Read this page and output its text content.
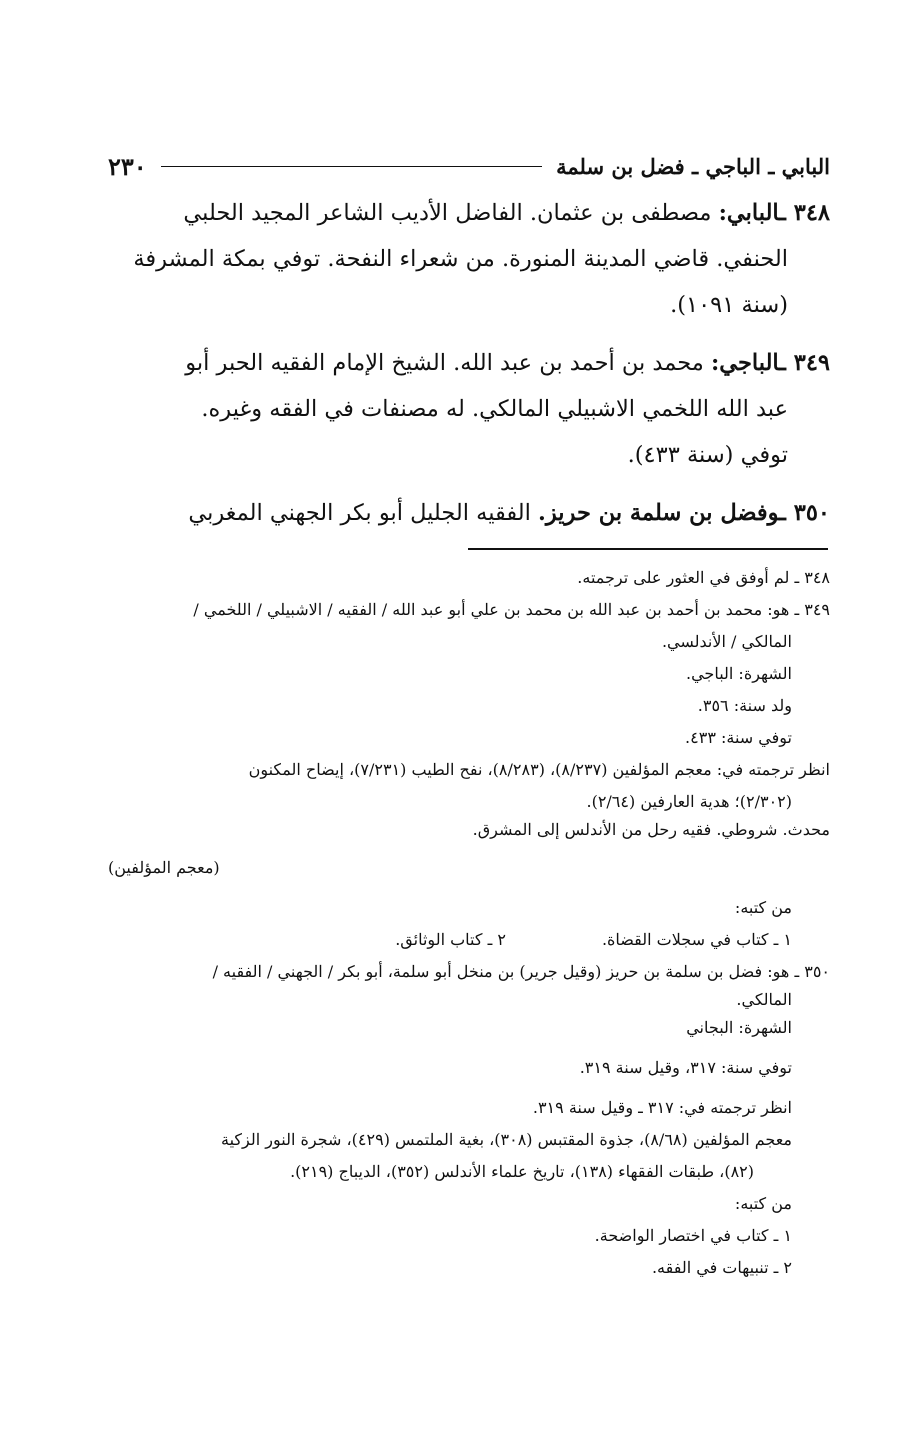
البابي ـ الباجي ـ فضل بن سلمة
٢٣٠
٣٤٨ ـالبابي: مصطفى بن عثمان. الفاضل الأديب الشاعر المجيد الحلبي
الحنفي. قاضي المدينة المنورة. من شعراء النفحة. توفي بمكة المشرفة
(سنة ١٠٩١).
٣٤٩ ـالباجي: محمد بن أحمد بن عبد الله. الشيخ الإمام الفقيه الحبر أبو
عبد الله اللخمي الاشبيلي المالكي. له مصنفات في الفقه وغيره.
توفي (سنة ٤٣٣).
٣٥٠ ـوفضل بن سلمة بن حريز. الفقيه الجليل أبو بكر الجهني المغربي
٣٤٨ ـ لم أوفق في العثور على ترجمته.
٣٤٩ ـ هو: محمد بن أحمد بن عبد الله بن محمد بن علي أبو عبد الله / الفقيه / الاشبيلي / اللخمي /
المالكي / الأندلسي.
الشهرة: الباجي.
ولد سنة: ٣٥٦.
توفي سنة: ٤٣٣.
انظر ترجمته في: معجم المؤلفين (٨/٢٣٧)، (٨/٢٨٣)، نفح الطيب (٧/٢٣١)، إيضاح المكنون
(٢/٣٠٢)؛ هدية العارفين (٢/٦٤).
محدث. شروطي. فقيه رحل من الأندلس إلى المشرق.
(معجم المؤلفين)
من كتبه:
١ ـ كتاب في سجلات القضاة.
٢ ـ كتاب الوثائق.
٣٥٠ ـ هو: فضل بن سلمة بن حريز (وقيل جرير) بن منخل أبو سلمة، أبو بكر / الجهني / الفقيه /
المالكي.
الشهرة: البجاني
توفي سنة: ٣١٧، وقيل سنة ٣١٩.
انظر ترجمته في: ٣١٧ ـ وقيل سنة ٣١٩.
معجم المؤلفين (٨/٦٨)، جذوة المقتبس (٣٠٨)، بغية الملتمس (٤٢٩)، شجرة النور الزكية
(٨٢)، طبقات الفقهاء (١٣٨)، تاريخ علماء الأندلس (٣٥٢)، الديباج (٢١٩).
من كتبه:
١ ـ كتاب في اختصار الواضحة.
٢ ـ تنبيهات في الفقه.
